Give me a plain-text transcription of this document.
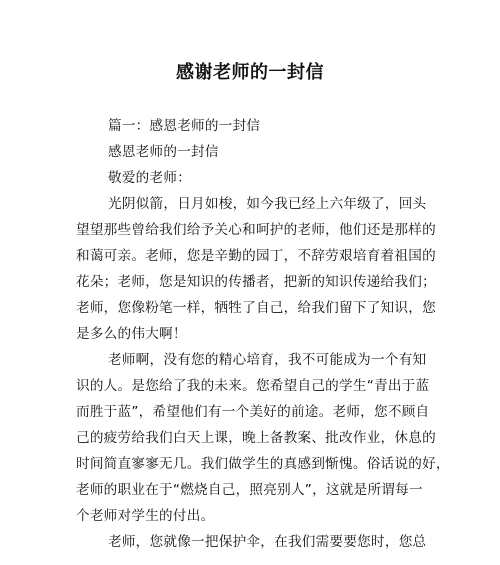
感谢老师的一封信
篇一：感恩老师的一封信
感恩老师的一封信
敬爱的老师：
光阴似箭，日月如梭，如今我已经上六年级了，回头
望望那些曾给我们给予关心和呵护的老师，他们还是那样的
和蔼可亲。老师，您是辛勤的园丁，不辞劳艰培育着祖国的
花朵；老师，您是知识的传播者，把新的知识传递给我们；
老师，您像粉笔一样，牺牲了自己，给我们留下了知识，您
是多么的伟大啊！
老师啊，没有您的精心培育，我不可能成为一个有知
识的人。是您给了我的未来。您希望自己的学生“青出于蓝
而胜于蓝”，希望他们有一个美好的前途。老师，您不顾自
己的疲劳给我们白天上课，晚上备教案、批改作业，休息的
时间简直寥寥无几。我们做学生的真感到惭愧。俗话说的好，
老师的职业在于“燃烧自己，照亮别人”，这就是所谓每一
个老师对学生的付出。
老师，您就像一把保护伞，在我们需要要您时，您总
